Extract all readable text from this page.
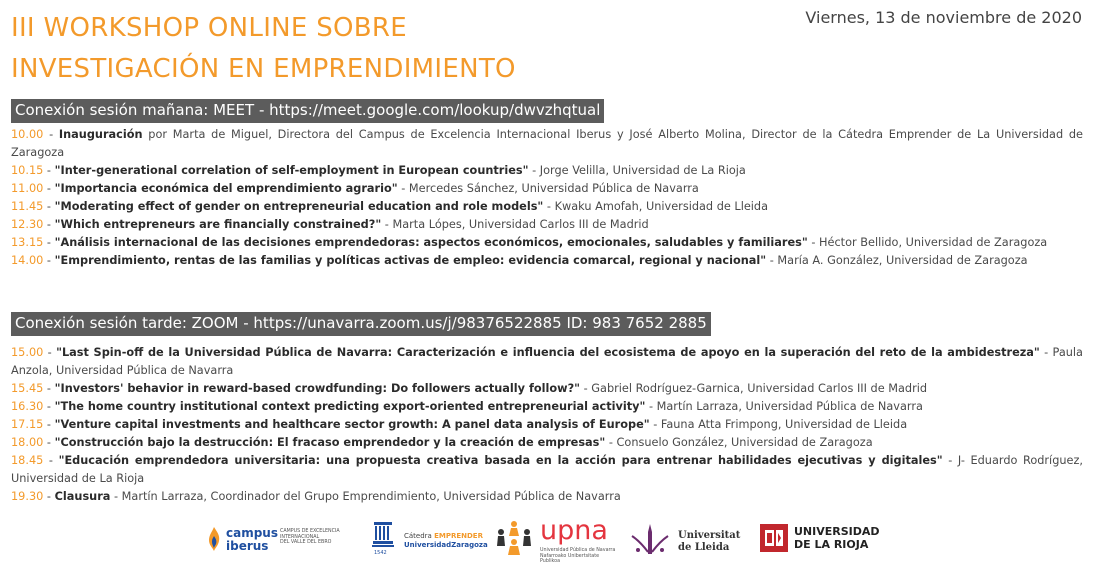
III WORKSHOP ONLINE SOBRE
INVESTIGACIÓN EN EMPRENDIMIENTO
Viernes, 13 de noviembre de 2020
Conexión sesión mañana: MEET - https://meet.google.com/lookup/dwvzhqtual
10.00 - Inauguración por Marta de Miguel, Directora del Campus de Excelencia Internacional Iberus y José Alberto Molina, Director de la Cátedra Emprender de La Universidad de Zaragoza
10.15 - "Inter-generational correlation of self-employment in European countries" - Jorge Velilla, Universidad de La Rioja
11.00 - "Importancia económica del emprendimiento agrario" - Mercedes Sánchez, Universidad Pública de Navarra
11.45 - "Moderating effect of gender on entrepreneurial education and role models" - Kwaku Amofah, Universidad de Lleida
12.30 - "Which entrepreneurs are financially constrained?" - Marta Lópes, Universidad Carlos III de Madrid
13.15 - "Análisis internacional de las decisiones emprendedoras: aspectos económicos, emocionales, saludables y familiares" - Héctor Bellido, Universidad de Zaragoza
14.00 - "Emprendimiento, rentas de las familias y políticas activas de empleo: evidencia comarcal, regional y nacional" - María A. González, Universidad de Zaragoza
Conexión sesión tarde: ZOOM - https://unavarra.zoom.us/j/98376522885 ID: 983 7652 2885
15.00 - "Last Spin-off de la Universidad Pública de Navarra: Caracterización e influencia del ecosistema de apoyo en la superación del reto de la ambidestreza" - Paula Anzola, Universidad Pública de Navarra
15.45 - "Investors' behavior in reward-based crowdfunding: Do followers actually follow?" - Gabriel Rodríguez-Garnica, Universidad Carlos III de Madrid
16.30 - "The home country institutional context predicting export-oriented entrepreneurial activity" - Martín Larraza, Universidad Pública de Navarra
17.15 - "Venture capital investments and healthcare sector growth: A panel data analysis of Europe" - Fauna Atta Frimpong, Universidad de Lleida
18.00 - "Construcción bajo la destrucción: El fracaso emprendedor y la creación de empresas" - Consuelo González, Universidad de Zaragoza
18.45 - "Educación emprendedora universitaria: una propuesta creativa basada en la acción para entrenar habilidades ejecutivas y digitales" - J- Eduardo Rodríguez, Universidad de La Rioja
19.30 - Clausura - Martín Larraza, Coordinador del Grupo Emprendimiento, Universidad Pública de Navarra
campus
iberus
CAMPUS DE EXCELENCIA
INTERNACIONAL
DEL VALLE DEL EBRO
1542
Cátedra EMPRENDER
UniversidadZaragoza upna
Universidad Pública de Navarra
Nafarroako Unibertsitate Publikoa
Universitat
de Lleida
UNIVERSIDAD
DE LA RIOJA
